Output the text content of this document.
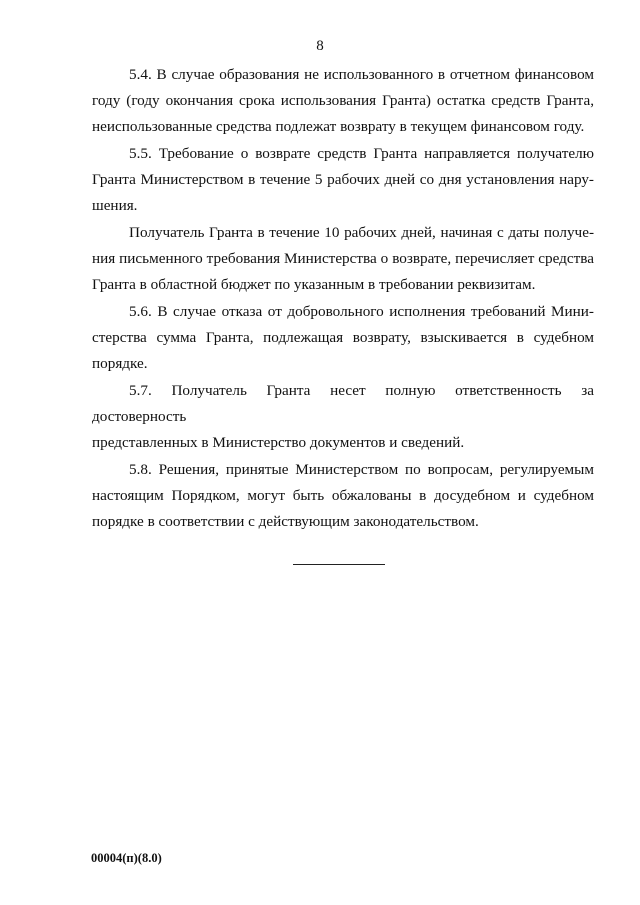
8
5.4. В случае образования не использованного в отчетном финансовом
году (году окончания срока использования Гранта) остатка средств Гранта,
неиспользованные средства подлежат возврату в текущем финансовом году.
5.5. Требование о возврате средств Гранта направляется получателю
Гранта Министерством в течение 5 рабочих дней со дня установления нару-
шения.
Получатель Гранта в течение 10 рабочих дней, начиная с даты получе-
ния письменного требования Министерства о возврате, перечисляет средства
Гранта в областной бюджет по указанным в требовании реквизитам.
5.6. В случае отказа от добровольного исполнения требований Мини-
стерства сумма Гранта, подлежащая возврату, взыскивается в судебном
порядке.
5.7. Получатель Гранта несет полную ответственность за достоверность
представленных в Министерство документов и сведений.
5.8. Решения, принятые Министерством по вопросам, регулируемым
настоящим Порядком, могут быть обжалованы в досудебном и судебном
порядке в соответствии с действующим законодательством.
00004(п)(8.0)
